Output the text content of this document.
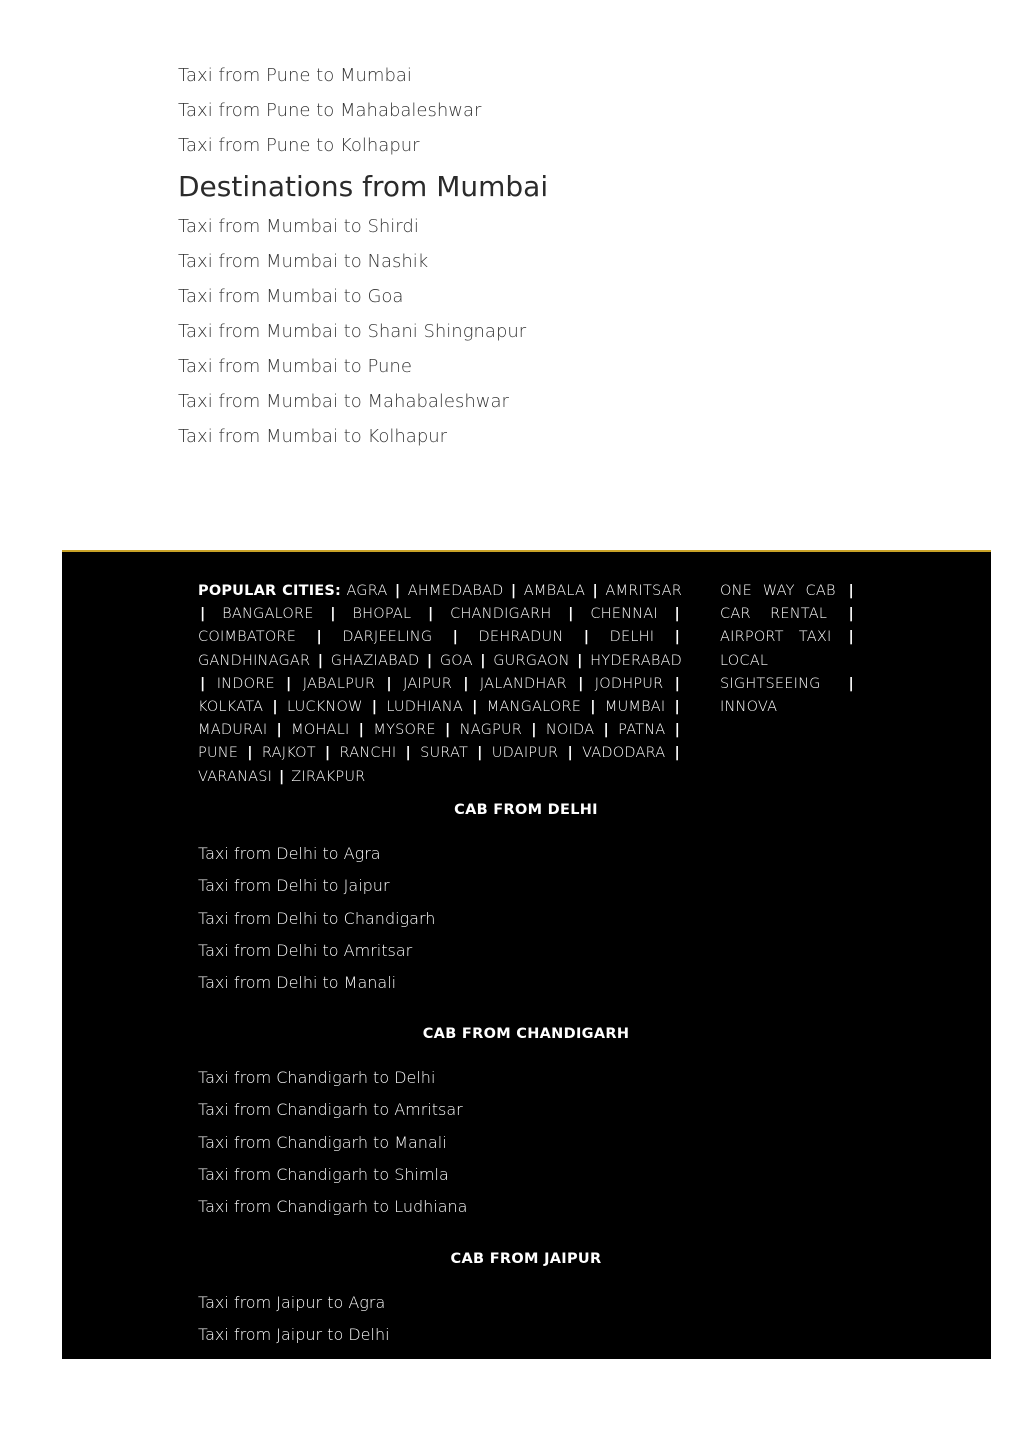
Taxi from Pune to Mumbai
Taxi from Pune to Mahabaleshwar
Taxi from Pune to Kolhapur
Destinations from Mumbai
Taxi from Mumbai to Shirdi
Taxi from Mumbai to Nashik
Taxi from Mumbai to Goa
Taxi from Mumbai to Shani Shingnapur
Taxi from Mumbai to Pune
Taxi from Mumbai to Mahabaleshwar
Taxi from Mumbai to Kolhapur
POPULAR CITIES: AGRA | AHMEDABAD | AMBALA | AMRITSAR | BANGALORE | BHOPAL | CHANDIGARH | CHENNAI | COIMBATORE | DARJEELING | DEHRADUN | DELHI | GANDHINAGAR | GHAZIABAD | GOA | GURGAON | HYDERABAD | INDORE | JABALPUR | JAIPUR | JALANDHAR | JODHPUR | KOLKATA | LUCKNOW | LUDHIANA | MANGALORE | MUMBAI | MADURAI | MOHALI | MYSORE | NAGPUR | NOIDA | PATNA | PUNE | RAJKOT | RANCHI | SURAT | UDAIPUR | VADODARA | VARANASI | ZIRAKPUR
ONE WAY CAB | CAR RENTAL | AIRPORT TAXI | LOCAL SIGHTSEEING | INNOVA
CAB FROM DELHI
Taxi from Delhi to Agra
Taxi from Delhi to Jaipur
Taxi from Delhi to Chandigarh
Taxi from Delhi to Amritsar
Taxi from Delhi to Manali
CAB FROM CHANDIGARH
Taxi from Chandigarh to Delhi
Taxi from Chandigarh to Amritsar
Taxi from Chandigarh to Manali
Taxi from Chandigarh to Shimla
Taxi from Chandigarh to Ludhiana
CAB FROM JAIPUR
Taxi from Jaipur to Agra
Taxi from Jaipur to Delhi
